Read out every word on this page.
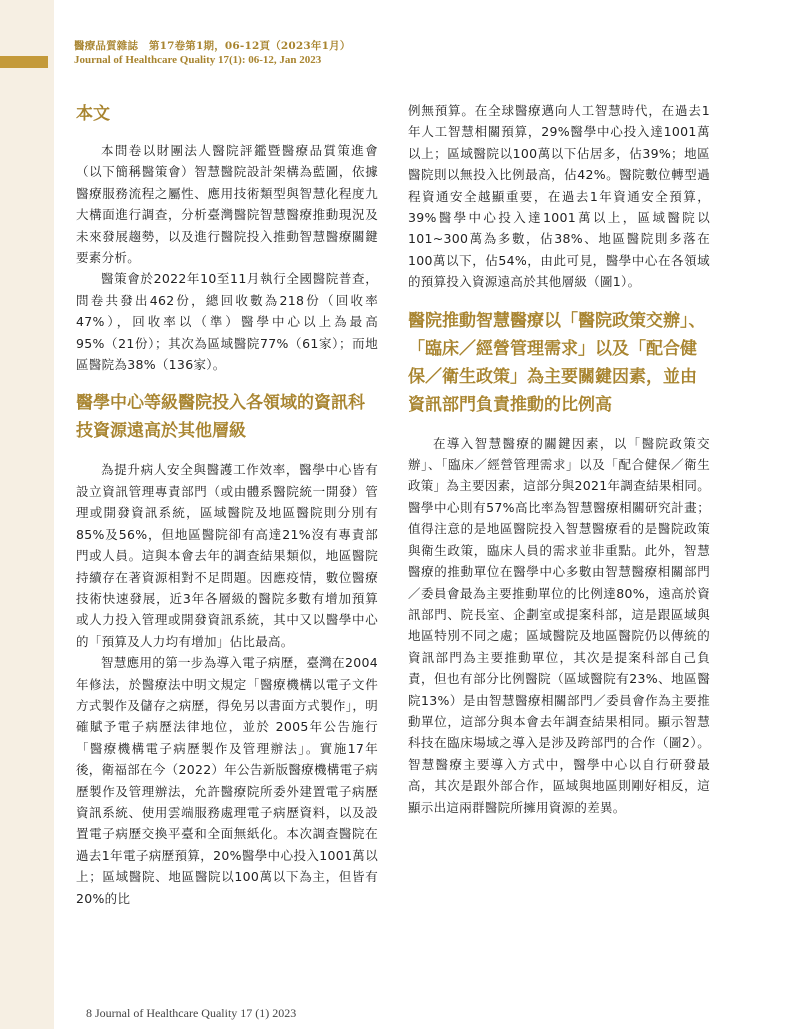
醫療品質雜誌　第17卷第1期，06-12頁（2023年1月）
Journal of Healthcare Quality 17(1): 06-12, Jan 2023
本文

本問卷以財團法人醫院評鑑暨醫療品質策進會（以下簡稱醫策會）智慧醫院設計架構為藍圖，依據醫療服務流程之屬性、應用技術類型與智慧化程度九大構面進行調查，分析臺灣醫院智慧醫療推動現況及未來發展趨勢，以及進行醫院投入推動智慧醫療關鍵要素分析。

醫策會於2022年10至11月執行全國醫院普查，問卷共發出462份，總回收數為218份（回收率47%），回收率以（準）醫學中心以上為最高95%（21份）；其次為區域醫院77%（61家）；而地區醫院為38%（136家）。

醫學中心等級醫院投入各領域的資訊科技資源遠高於其他層級

為提升病人安全與醫護工作效率，醫學中心皆有設立資訊管理專責部門（或由體系醫院統一開發）管理或開發資訊系統，區域醫院及地區醫院則分別有85%及56%，但地區醫院卻有高達21%沒有專責部門或人員。這與本會去年的調查結果類似，地區醫院持續存在著資源相對不足問題。因應疫情，數位醫療技術快速發展，近3年各層級的醫院多數有增加預算或人力投入管理或開發資訊系統，其中又以醫學中心的「預算及人力均有增加」佔比最高。

智慧應用的第一步為導入電子病歷，臺灣在2004年修法，於醫療法中明文規定「醫療機構以電子文件方式製作及儲存之病歷，得免另以書面方式製作」，明確賦予電子病歷法律地位，並於 2005年公告施行「醫療機構電子病歷製作及管理辦法」。實施17年後，衛福部在今（2022）年公告新版醫療機構電子病歷製作及管理辦法，允許醫療院所委外建置電子病歷資訊系統、使用雲端服務處理電子病歷資料，以及設置電子病歷交換平臺和全面無紙化。本次調查醫院在過去1年電子病歷預算，20%醫學中心投入1001萬以上；區域醫院、地區醫院以100萬以下為主，但皆有20%的比

例無預算。在全球醫療邁向人工智慧時代，在過去1年人工智慧相關預算，29%醫學中心投入達1001萬以上；區域醫院以100萬以下佔居多，佔39%；地區醫院則以無投入比例最高，佔42%。醫院數位轉型過程資通安全越顯重要，在過去1年資通安全預算，39%醫學中心投入達1001萬以上，區域醫院以101~300萬為多數，佔38%、地區醫院則多落在100萬以下，佔54%，由此可見，醫學中心在各領域的預算投入資源遠高於其他層級（圖1）。

醫院推動智慧醫療以「醫院政策交辦」、「臨床／經營管理需求」以及「配合健保／衛生政策」為主要關鍵因素，並由資訊部門負責推動的比例高

在導入智慧醫療的關鍵因素，以「醫院政策交辦」、「臨床／經營管理需求」以及「配合健保／衛生政策」為主要因素，這部分與2021年調查結果相同。醫學中心則有57%高比率為智慧醫療相關研究計畫；值得注意的是地區醫院投入智慧醫療看的是醫院政策與衛生政策，臨床人員的需求並非重點。此外，智慧醫療的推動單位在醫學中心多數由智慧醫療相關部門／委員會最為主要推動單位的比例達80%，遠高於資訊部門、院長室、企劃室或提案科部，這是跟區域與地區特別不同之處；區域醫院及地區醫院仍以傳統的資訊部門為主要推動單位，其次是提案科部自己負責，但也有部分比例醫院（區域醫院有23%、地區醫院13%）是由智慧醫療相關部門／委員會作為主要推動單位，這部分與本會去年調查結果相同。顯示智慧科技在臨床場域之導入是涉及跨部門的合作（圖2）。智慧醫療主要導入方式中，醫學中心以自行研發最高，其次是跟外部合作，區域與地區則剛好相反，這顯示出這兩群醫院所擁用資源的差異。

8 Journal of Healthcare Quality 17 (1) 2023
